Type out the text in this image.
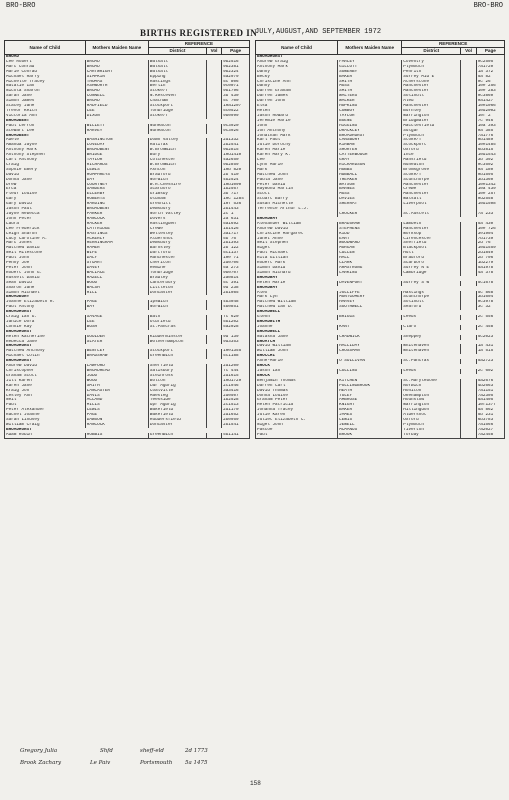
BRO-BRO	BRO-BRO
BIRTHS REGISTERED IN
JULY,AUGUST,AND SEPTEMBER 1972
Name of Child	Mothers Maiden Name	REFERENCE		
		District	Vol	Page
BROAD				
Lee Robert	BROAD	Walsall		9b2516
Marc Conrad	BROAD	Walsall		9b2381
Marie Conrad	CARTWRIGHT	Walsall		9b2324
Michael Harry	SIMPKIN	Epping		5a2979
Michelle Tracey	THOMAS	Hastings		5c 806
Natalie Ian	ASHWORTH	Berlin		9c0071
Nicola Sharon	BROAD	Stoke/T		9b1796
Sarah Jane	CONNELL	N.Kesteven		3b 430
Simon James	BROAD	Chatham		5c 700
Stacey Jane	HADFIELD	Stockport		10a1207
Trevor Keith	LEE	Tonbridge		5c0522
Victoria Ann	DIXON	Stoke/T		9b0999
BROADBENT				
Paul Lerron	WILLETT	Nuneaton		9c3920
Stewart Lee	HARVEY	Nuneaton		9c3926
BROADBENT				
Adele	WASHINGTON	Down Valley		2d1332
Amanda Jayne	LOVEDAY	Halifax		2b2541
Anthony Mark	BROADBENT	W.Bromwich		9b2815
Anthony Stephen	BRIDGE	Bury		10d1410
Carl Anthony	TAYLOR	Colchester		4a2650
Craig	RICHARDS	W.Bromwich		9b2859
Sophie Emery	LEWIS	Ashton		10b 820
David	HUMPHREYS	Bradford		2b 410
Donna Jane	DAY	Norwich		4b2524
Drew	COURTNEY	W.R.Cheshire		10b1090

Erca	SANDERS	Scarboro		1b2567
Fleur Louise	ELLERBY	Grimsby		3b 717
Gary	ROBERTS	Oldham		10c 1284
Gary David	HARDING	Grexhill		10f 536
Jason Paul	BROADBENT	Dewsbury		2b1443
Jayne Rebecca	PARKER	North Valley		2c 1
John Peter	HANCOCK	Dovers		2a 631
Laura	HACKER	Haslingden		5a1692
Lee Frederick	CATTRIDGE	Crewe		1b1426
Leigh Sharon	HASTINGS	Wellesley		3a1717

Lucy Caroline A.	ACKERLY	Aldershot		5b 76
Marc Jones	HERRINGHAM	Dewsbury		2b1393
Matthew David	HAMER	Barnsley		2b 122
Neil Milestone	WIFE	Dartford		5c1137
Paul John	DALY	Manchester		10e 71
Penny Joe	STUART	Cheriton		2d0706
Peter Jonn	DAVEY	Hemine		5a 273
Robert John G.	WALLACE	Tonbridge		9b0707
Russell David	HAZELL	Bradley		2a0814
Sean David	WOOD	Canterbury		5c 391
Sharon Jane	WALSH	Littleton		9d 238
Simon Michael	HILL	Doncaster		2b1085
BROADBURY				
Joanne Elizabeth R.	PAGE	Ipswich		4b3048
Paul Antony	BAY	Norwich		4b0851
BROADHURST				
Craig Ian G.	SAVAGE	Bath		7c 620
Janice Dora	LEE	Oldfield		5b1202
Connie Kay	BUSH	St.Pancras		5a2028
BROADHURST				
Helen Katherine	GOULDER	Kidderminster		9d 139
Rebecca Jane	SLATER	Wolverhampton		9d3353
BROADHURST				
Matthew Anthony	BENTLEY	Stockport		10e1355
Michael Colin	BRADSHAW	Greenwich		5c1188
BROADHURST				
Andrew David	LAWFORD	Sheffield		2d1200
Christopher	BROADHEAD	Salisbury		7c 444
Graham Scott	JUDD	Steinross		2d1615
Jill Karen	WOOD	Bolton		10d1729
Karen Jane	SMITH	Lwr Agbrig		2c1946
Kraig Jon	LANCASTER	Coalville		3a3416
Lesley Ann	DAVIS	Maesteg		2d0507
Neil	ACLAND	Teesside		1b2528
Paul	MILLS	Upr Agbrig		2c1513
Peter Alexander	LEWIS	Wakefield		2d1170

Rachel Joanne	PAGE	Wakefield		2d1652
Sarah Lindsey	DAWSON	Huddersfield		2b0959
William Craig	HANCOCK	Doncaster		2b1541
BROADHURST				
Adam Robin	HOBBIS	Greenwich		5b1141
Name of Child	Mothers Maiden Name	REFERENCE		
		District	Vol	Page
BROADHURST				
Andrew Graig	FARLEY	Coventry		9c2505
Anthony Mark	GILLOTT	Plymouth		7a1720
Danny	SOWERBY	Penrith		1a 372
Becky	BAKER	Surrey Mid E		5a 82
Christine Ann	SMITH	Atherstone		9c 26
Danny	MOSS	Manchester		10e 256
Darren Graham	SMITH	Manchester		10e 283
Darren James	WALTERS	Solihull		9c3860
Darren John	WALKER	Aled		9a1427
Elsa	HOPKINS	Manchester		10e1066

Helen	COWBOY	Burnley		10d2002
Jason Howard	TAYLOR	Warrington		10f 2
Jeremie Marie	BOENE	Bridgwater		7c 946
John	HIGGINS	Macclesfield		10a 393
Jon Anthony	DRACKLEY	Sulgar		9a 385
Jonathan Mark	BROADHURST	Plymouth		7a1776
Karl Paul	LANSBURY	Stoke/T		9b1489
Julie Dorothy	KIRWAN	Stockport		10e1485
Karen Marie	SHORTER	Oxford		6b3815
Karen Mary K.	CATTERBOUGH	Ince		10d1543

Lee	GRAY	Mansfield		3b 392
Lynn Marie	RICHARDSON	Nuneaton		9c3502
Mark	HOBBS	Bromsgrove		9a 180
Matthew John	HUBBALL	Stoke/T		9b1595
Paula Jane	THEAKER	Scunthorpe		3b1360
Peter David	WATSON	Manchester		10e1342
Raymond Martin	BARNES	Crewe		10a 439
Scott	MOSS	Manchester		10e 257
Stuart Barry	DAVIES	Walsall		9d2558
Susan Michelle	SHERRAT	Liverpool		10d1508
Terrence Arthur L.J.				
	CROCKER	St.Austell		7a 233
BROADWAY				
Alexander William	BRADSHAW	Lambeth		5a 430
Andrew David	STEPHENS	Manchester		10e 726
Christine Margaret	KIDD	Worksop		3e1904
Janet Anne	EART	Cirencester		7b1739
Neil Stephen	WOODWARD	Sheffield		2d 76
Nigel	MORGAN	Blackpool		10d1559
Paul Michael	CULLEN	Hull		2d1840
Rita Gillian	HALL	Bradford		2b 706
Robert Mark	CLARK	Scarboro		1b2279
Simon David	ARMSTRONG	Surrey N E		5a1978
Simon Richard	LARKINS	Cambridge		4a 378
BROADWAY				
Helen Marie	DAVENPORT	Surrey S W		5c1678
BROADWAY				
Alex	JOLLIFFE	Hastings		5c 868
Mark Lyn	MONTGOMERY	Scunthorpe		3b1604
Matthew William	HARVEY	Solihull		9c3978
Matthew Ian D.	SOUTHWELL	Seaford		3c 32
BROADWELL				
Glenn	BRIGGS	Leeds		2c 556
BROADWITH				
Joanne	KANT	Claro		2c 458
BROADWELL				
Natasha Jane	CHADWICK	Sheppey		5c2023
BROATCH				
David William	HALLIDAY	Whitehaven		1a 431
William John	CROSSMAN	Whitehaven		1a 515
BROCCHI				
Anne-Marie	O'SULLIVAN	St.Pancras		5a2723
BROCK				
Jason Ian	COLLINS	Leeds		2c 602
BROCK				
Benjamin Thomas	KITCHEN	St.Marylebone		5a2676
Darren Carl	POLLINGBROOK	Norwich		4b2663
David Thomas	HEATH	Honiton		7a1151
Donna Louise	TOLEY	Okehampton		7a2305
Graham Peter	AMBROSE	Hounslow		5a1405
Helen Patricia	KNIGHT	Warrington		10f1377
Johanna Tracey	BAKER	Hillingdon		5a 862
Julie Karen	JAMES	Aldershot		5b 231
Juliet Elizabeth C.	LEWIS	Oxford		6b3783
Nigel John	JEWELL	Plymouth		7a1566

Pascoe	MCMANUS	Tiverton		7a2027
Paul	BROOK	Torbay		7a2458
Gregory Julia	Shfd	sheff-eld	2d 1773
Brook Zachary	Le Paiv	Portsmouth 5a 1475
158
